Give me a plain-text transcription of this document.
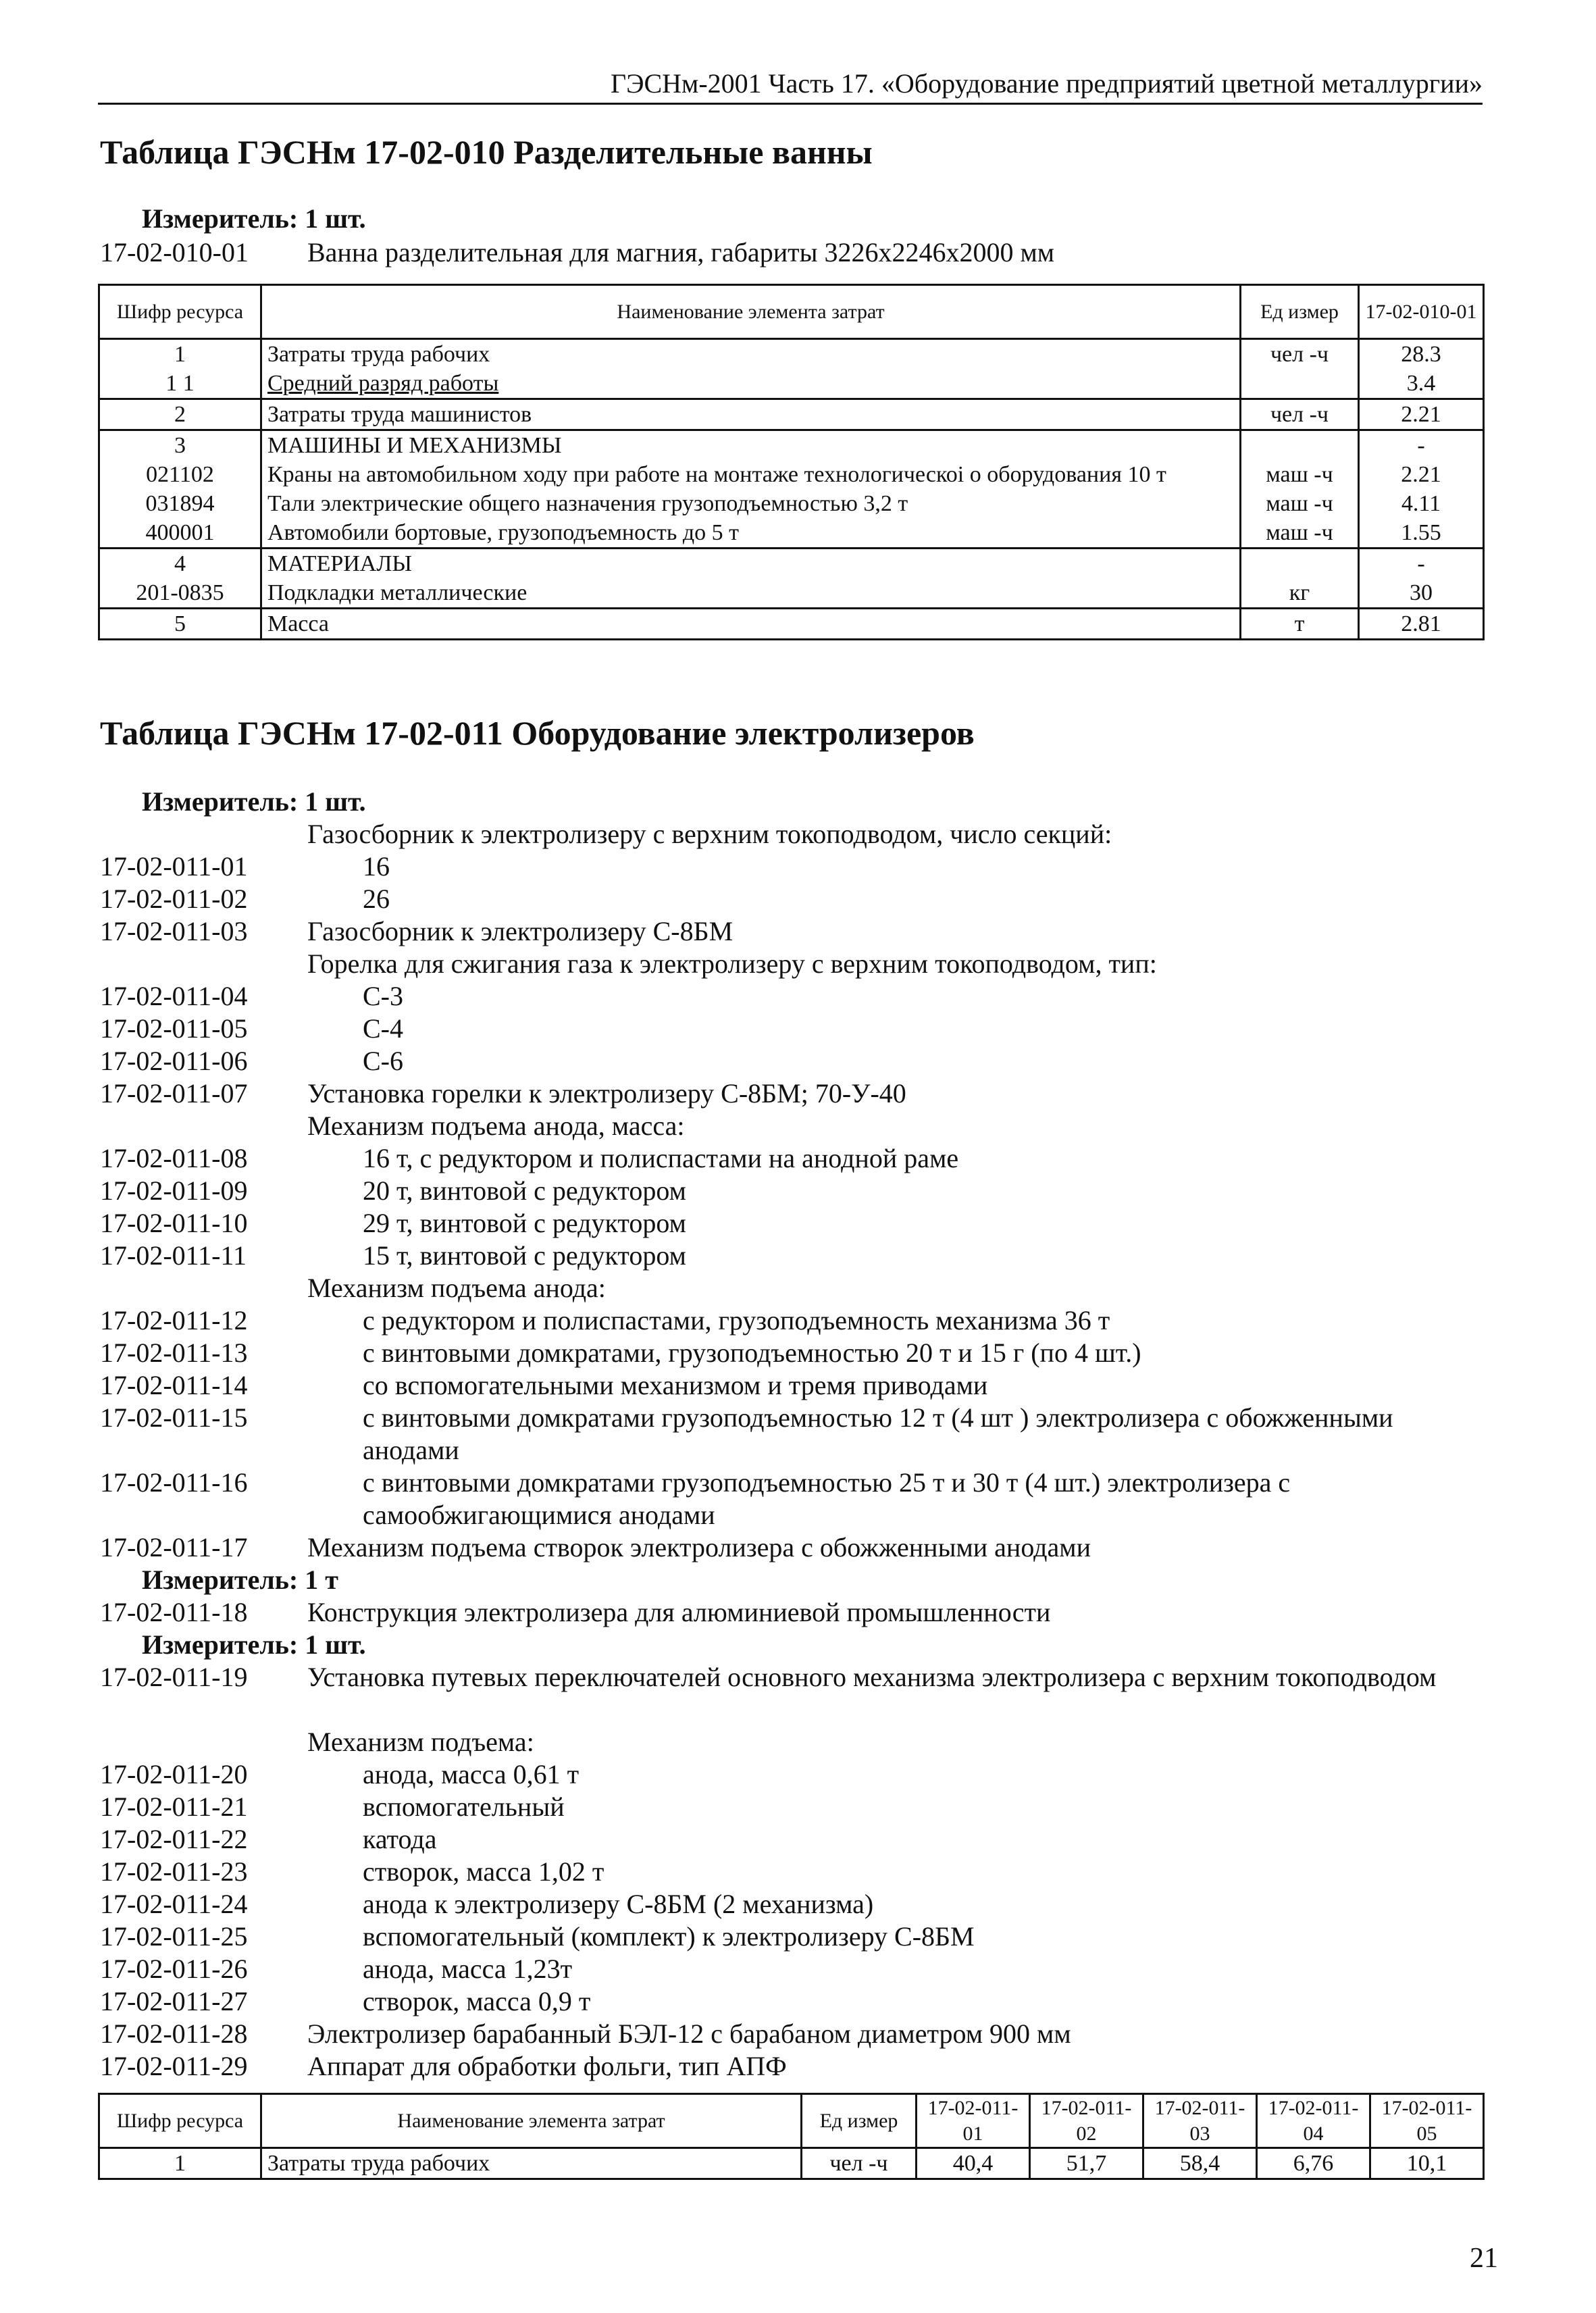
ГЭСНм-2001 Часть 17. «Оборудование предприятий цветной металлургии»
Таблица ГЭСНм 17-02-010 Разделительные ванны
Измеритель: 1 шт.
17-02-010-01 Ванна разделительная для магния, габариты 3226х2246х2000 мм
Шифр ресурса	Наименование элемента затрат	Ед измер	17-02-010-01
1	Затраты труда рабочих	чел -ч	28.3
1 1	Средний разряд работы		3.4
2	Затраты труда машинистов	чел -ч	2.21
3	МАШИНЫ И МЕХАНИЗМЫ		-
021102	Краны на автомобильном ходу при работе на монтаже технологическоi о оборудования 10 т	маш -ч	2.21
031894	Тали электрические общего назначения грузоподъемностью 3,2 т	маш -ч	4.11
400001	Автомобили бортовые, грузоподъемность до 5 т	маш -ч	1.55
4	МАТЕРИАЛЫ		-
201-0835	Подкладки металлические	кг	30
5	Масса	т	2.81
Таблица ГЭСНм 17-02-011 Оборудование электролизеров
Измеритель: 1 шт.
Газосборник к электролизеру с верхним токоподводом, число секций:
17-02-011-01	16
17-02-011-02	26
17-02-011-03 Газосборник к электролизеру С-8БМ
Горелка для сжигания газа к электролизеру с верхним токоподводом, тип:
17-02-011-04	С-3
17-02-011-05	С-4
17-02-011-06	С-6
17-02-011-07 Установка горелки к электролизеру С-8БМ; 70-У-40
Механизм подъема анода, масса:
17-02-011-08	16 т, с редуктором и полиспастами на анодной раме
17-02-011-09	20 т, винтовой с редуктором
17-02-011-10	29 т, винтовой с редуктором
17-02-011-11	15 т, винтовой с редуктором
Механизм подъема анода:
17-02-011-12	с редуктором и полиспастами, грузоподъемность механизма 36 т
17-02-011-13	с винтовыми домкратами, грузоподъемностью 20 т и 15 г (по 4 шт.)
17-02-011-14	со вспомогательными механизмом и тремя приводами
17-02-011-15	с винтовыми домкратами грузоподъемностью 12 т (4 шт ) электролизера с обожженными анодами
17-02-011-16	с винтовыми домкратами грузоподъемностью 25 т и 30 т (4 шт.) электролизера с самообжигающимися анодами
17-02-011-17 Механизм подъема створок электролизера с обожженными анодами
Измеритель: 1 т
17-02-011-18 Конструкция электролизера для алюминиевой промышленности
Измеритель: 1 шт.
17-02-011-19 Установка путевых переключателей основного механизма электролизера с верхним токоподводом
Механизм подъема:
17-02-011-20	анода, масса 0,61 т
17-02-011-21	вспомогательный
17-02-011-22	катода
17-02-011-23	створок, масса 1,02 т
17-02-011-24	анода к электролизеру С-8БМ (2 механизма)
17-02-011-25	вспомогательный (комплект) к электролизеру С-8БМ
17-02-011-26	анода, масса 1,23т
17-02-011-27	створок, масса 0,9 т
17-02-011-28 Электролизер барабанный БЭЛ-12 с барабаном диаметром 900 мм
17-02-011-29 Аппарат для обработки фольги, тип АПФ
Шифр ресурса	Наименование элемента затрат	Ед измер	17-02-011-01	17-02-011-02	17-02-011-03	17-02-011-04	17-02-011-05
1	Затраты труда рабочих	чел -ч	40,4	51,7	58,4	6,76	10,1
21
